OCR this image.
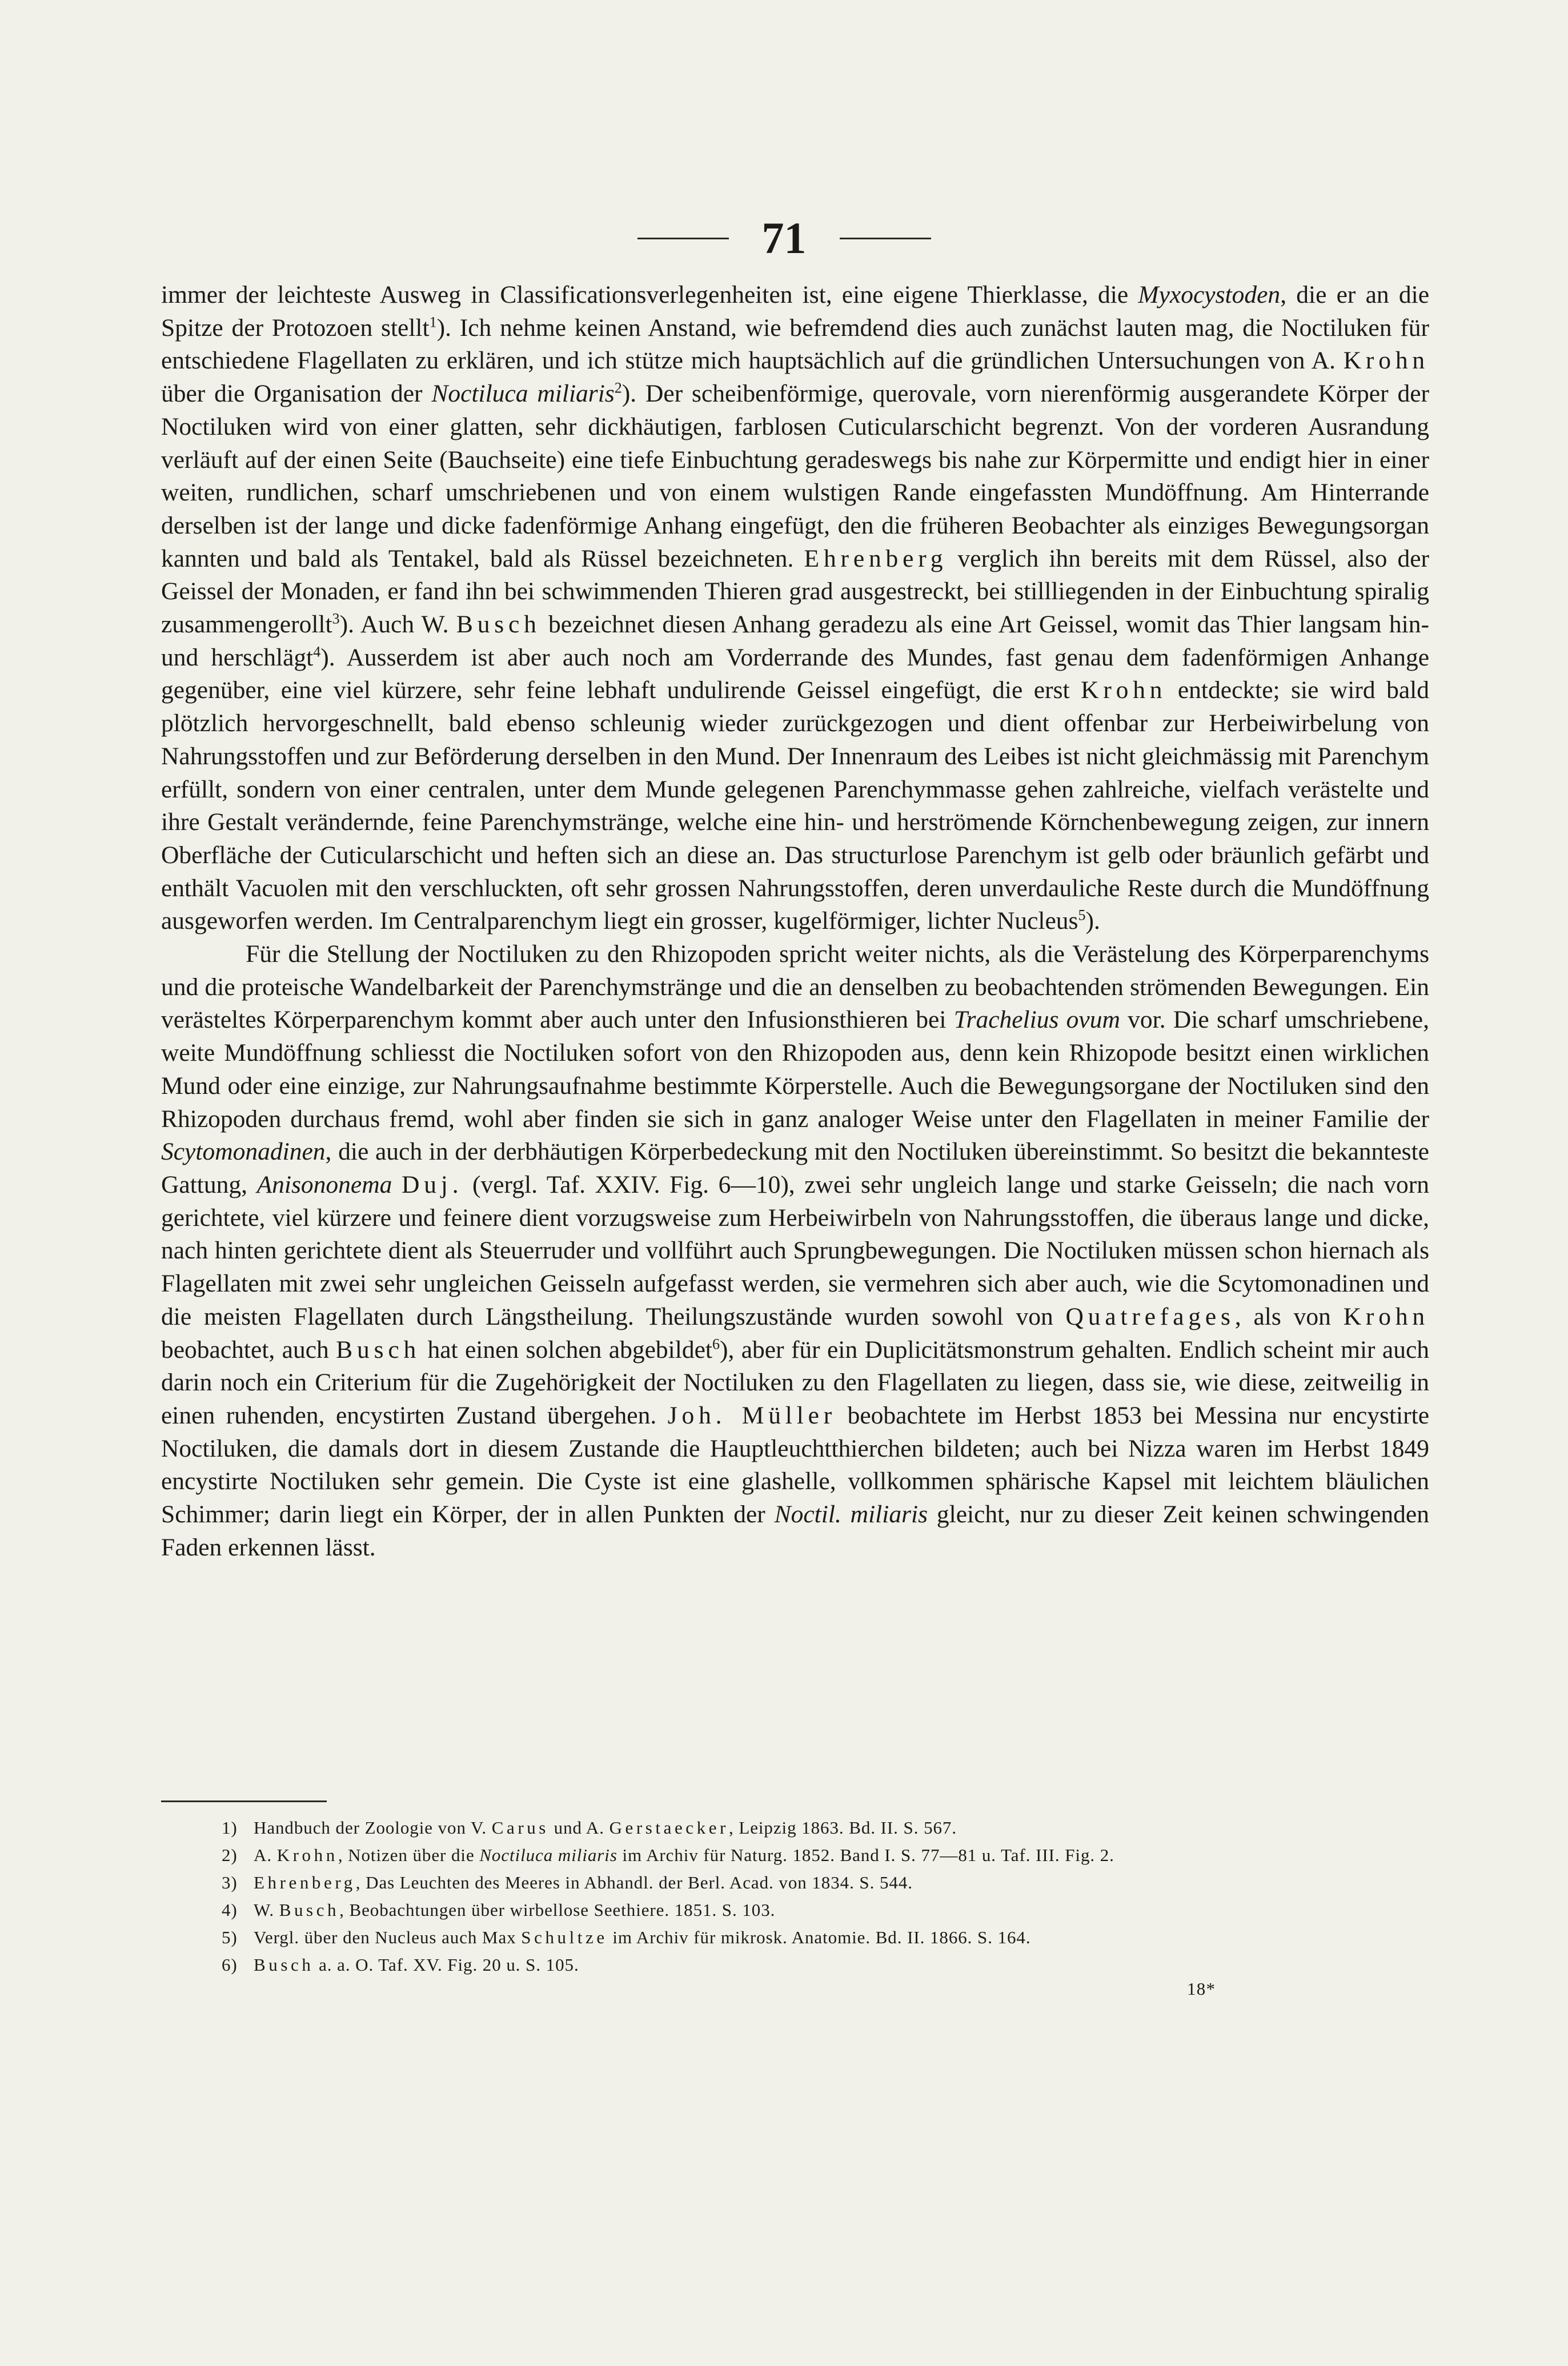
71

immer der leichteste Ausweg in Classificationsverlegenheiten ist, eine eigene Thierklasse, die Myxocystoden, die er an die Spitze der Protozoen stellt$^1$). Ich nehme keinen Anstand, wie befremdend dies auch zunächst lauten mag, die Noctiluken für entschiedene Flagellaten zu erklären, und ich stütze mich hauptsächlich auf die gründlichen Untersuchungen von A. Krohn über die Organisation der Noctiluca miliaris$^2$). Der scheibenförmige, querovale, vorn nierenförmig ausgerandete Körper der Noctiluken wird von einer glatten, sehr dickhäutigen, farblosen Cuticularschicht begrenzt. Von der vorderen Ausrandung verläuft auf der einen Seite (Bauchseite) eine tiefe Einbuchtung geradeswegs bis nahe zur Körpermitte und endigt hier in einer weiten, rundlichen, scharf umschriebenen und von einem wulstigen Rande eingefassten Mundöffnung. Am Hinterrande derselben ist der lange und dicke fadenförmige Anhang eingefügt, den die früheren Beobachter als einziges Bewegungsorgan kannten und bald als Tentakel, bald als Rüssel bezeichneten. Ehrenberg verglich ihn bereits mit dem Rüssel, also der Geissel der Monaden, er fand ihn bei schwimmenden Thieren grad ausgestreckt, bei stillliegenden in der Einbuchtung spiralig zusammengerollt$^3$). Auch W. Busch bezeichnet diesen Anhang geradezu als eine Art Geissel, womit das Thier langsam hin- und herschlägt$^4$). Ausserdem ist aber auch noch am Vorderrande des Mundes, fast genau dem fadenförmigen Anhange gegenüber, eine viel kürzere, sehr feine lebhaft undulirende Geissel eingefügt, die erst Krohn entdeckte; sie wird bald plötzlich hervorgeschnellt, bald ebenso schleunig wieder zurückgezogen und dient offenbar zur Herbeiwirbelung von Nahrungsstoffen und zur Beförderung derselben in den Mund. Der Innenraum des Leibes ist nicht gleichmässig mit Parenchym erfüllt, sondern von einer centralen, unter dem Munde gelegenen Parenchymmasse gehen zahlreiche, vielfach verästelte und ihre Gestalt verändernde, feine Parenchymstränge, welche eine hin- und herströmende Körnchenbewegung zeigen, zur innern Oberfläche der Cuticularschicht und heften sich an diese an. Das structurlose Parenchym ist gelb oder bräunlich gefärbt und enthält Vacuolen mit den verschluckten, oft sehr grossen Nahrungsstoffen, deren unverdauliche Reste durch die Mundöffnung ausgeworfen werden. Im Centralparenchym liegt ein grosser, kugelförmiger, lichter Nucleus$^5$).

Für die Stellung der Noctiluken zu den Rhizopoden spricht weiter nichts, als die Verästelung des Körperparenchyms und die proteische Wandelbarkeit der Parenchymstränge und die an denselben zu beobachtenden strömenden Bewegungen. Ein verästeltes Körperparenchym kommt aber auch unter den Infusionsthieren bei Trachelius ovum vor. Die scharf umschriebene, weite Mundöffnung schliesst die Noctiluken sofort von den Rhizopoden aus, denn kein Rhizopode besitzt einen wirklichen Mund oder eine einzige, zur Nahrungsaufnahme bestimmte Körperstelle. Auch die Bewegungsorgane der Noctiluken sind den Rhizopoden durchaus fremd, wohl aber finden sie sich in ganz analoger Weise unter den Flagellaten in meiner Familie der Scytomonadinen, die auch in der derbhäutigen Körperbedeckung mit den Noctiluken übereinstimmt. So besitzt die bekannteste Gattung, Anisononema Duj. (vergl. Taf. XXIV. Fig. 6—10), zwei sehr ungleich lange und starke Geisseln; die nach vorn gerichtete, viel kürzere und feinere dient vorzugsweise zum Herbeiwirbeln von Nahrungsstoffen, die überaus lange und dicke, nach hinten gerichtete dient als Steuerruder und vollführt auch Sprungbewegungen. Die Noctiluken müssen schon hiernach als Flagellaten mit zwei sehr ungleichen Geisseln aufgefasst werden, sie vermehren sich aber auch, wie die Scytomonadinen und die meisten Flagellaten durch Längstheilung. Theilungszustände wurden sowohl von Quatrefages, als von Krohn beobachtet, auch Busch hat einen solchen abgebildet$^6$), aber für ein Duplicitätsmonstrum gehalten. Endlich scheint mir auch darin noch ein Criterium für die Zugehörigkeit der Noctiluken zu den Flagellaten zu liegen, dass sie, wie diese, zeitweilig in einen ruhenden, encystirten Zustand übergehen. Joh. Müller beobachtete im Herbst 1853 bei Messina nur encystirte Noctiluken, die damals dort in diesem Zustande die Hauptleuchtthierchen bildeten; auch bei Nizza waren im Herbst 1849 encystirte Noctiluken sehr gemein. Die Cyste ist eine glashelle, vollkommen sphärische Kapsel mit leichtem bläulichen Schimmer; darin liegt ein Körper, der in allen Punkten der Noctil. miliaris gleicht, nur zu dieser Zeit keinen schwingenden Faden erkennen lässt.

1) Handbuch der Zoologie von V. Carus und A. Gerstaecker, Leipzig 1863. Bd. II. S. 567.
2) A. Krohn, Notizen über die Noctiluca miliaris im Archiv für Naturg. 1852. Band I. S. 77—81 u. Taf. III. Fig. 2.
3) Ehrenberg, Das Leuchten des Meeres in Abhandl. der Berl. Acad. von 1834. S. 544.
4) W. Busch, Beobachtungen über wirbellose Seethiere. 1851. S. 103.
5) Vergl. über den Nucleus auch Max Schultze im Archiv für mikrosk. Anatomie. Bd. II. 1866. S. 164.
6) Busch a. a. O. Taf. XV. Fig. 20 u. S. 105.
18*
